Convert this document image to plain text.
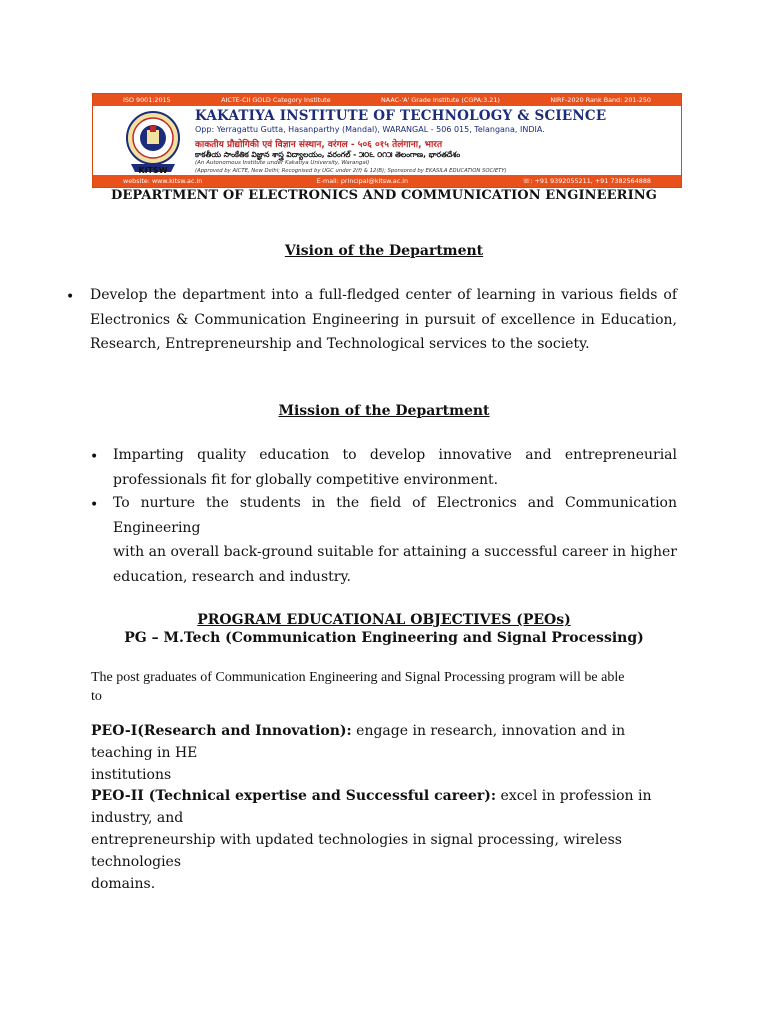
ISO 9001:2015	AICTE-CII GOLD Category Institute	NAAC-'A' Grade Institute (CGPA:3.21)	NIRF-2020 Rank Band: 201-250
KITSW
KAKATIYA INSTITUTE OF TECHNOLOGY & SCIENCE
Opp: Yerragattu Gutta, Hasanparthy (Mandal), WARANGAL - 506 015, Telangana, INDIA.
काकतीय प्रौद्योगिकी एवं विज्ञान संस्थान, वरंगल - ५०६ ०१५ तेलंगाना, भारत
కాకతీయ సాంకేతిక విజ్ఞాన శాస్త్ర విద్యాలయం, వరంగల్ - ౫౦౬ ౦౧౫ తెలంగాణ, భారతదేశం
(An Autonomous Institute under Kakatiya University, Warangal)
(Approved by AICTE, New Delhi; Recognised by UGC under 2(f) & 12(B); Sponsored by EKASILA EDUCATION SOCIETY)
website: www.kitsw.ac.in	E-mail: principal@kitsw.ac.in	☏: +91 9392055211, +91 7382564888
DEPARTMENT OF ELECTRONICS AND COMMUNICATION ENGINEERING
Vision of the Department
• Develop the department into a full-fledged center of learning in various fields of
Electronics & Communication Engineering in pursuit of excellence in Education,
Research, Entrepreneurship and Technological services to the society.
Mission of the Department
• Imparting quality education to develop innovative and entrepreneurial
professionals fit for globally competitive environment.
• To nurture the students in the field of Electronics and Communication Engineering
with an overall back-ground suitable for attaining a successful career in higher
education, research and industry.
PROGRAM EDUCATIONAL OBJECTIVES (PEOs)
PG – M.Tech (Communication Engineering and Signal Processing)
The post graduates of Communication Engineering and Signal Processing program will be able
to
PEO-I(Research and Innovation): engage in research, innovation and in teaching in HE
institutions
PEO-II (Technical expertise and Successful career): excel in profession in industry, and
entrepreneurship with updated technologies in signal processing, wireless technologies
domains.
